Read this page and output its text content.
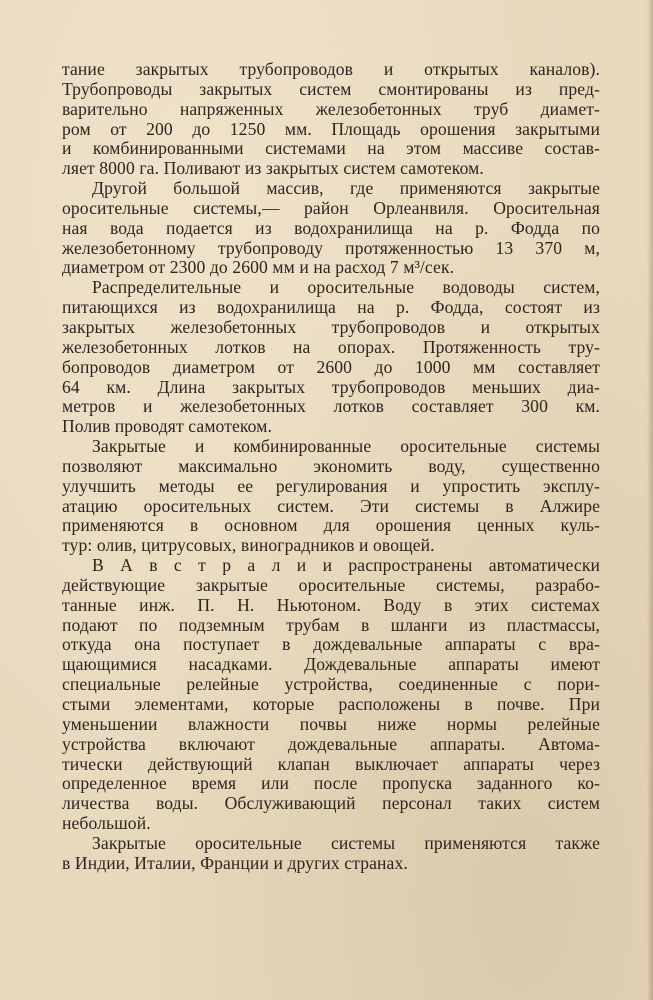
тание закрытых трубопроводов и открытых каналов).
Трубопроводы закрытых систем смонтированы из пред-
варительно напряженных железобетонных труб диамет-
ром от 200 до 1250 мм. Площадь орошения закрытыми
и комбинированными системами на этом массиве состав-
ляет 8000 га. Поливают из закрытых систем самотеком.
Другой большой массив, где применяются закрытые
оросительные системы,— район Орлеанвиля. Оросительная
ная вода подается из водохранилища на р. Фодда по
железобетонному трубопроводу протяженностью 13 370 м,
диаметром от 2300 до 2600 мм и на расход 7 м³/сек.
Распределительные и оросительные водоводы систем,
питающихся из водохранилища на р. Фодда, состоят из
закрытых железобетонных трубопроводов и открытых
железобетонных лотков на опорах. Протяженность тру-
бопроводов диаметром от 2600 до 1000 мм составляет
64 км. Длина закрытых трубопроводов меньших диа-
метров и железобетонных лотков составляет 300 км.
Полив проводят самотеком.
Закрытые и комбинированные оросительные системы
позволяют максимально экономить воду, существенно
улучшить методы ее регулирования и упростить эксплу-
атацию оросительных систем. Эти системы в Алжире
применяются в основном для орошения ценных куль-
тур: олив, цитрусовых, виноградников и овощей.
В А в с т р а л и и распространены автоматически
действующие закрытые оросительные системы, разрабо-
танные инж. П. Н. Ньютоном. Воду в этих системах
подают по подземным трубам в шланги из пластмассы,
откуда она поступает в дождевальные аппараты с вра-
щающимися насадками. Дождевальные аппараты имеют
специальные релейные устройства, соединенные с пори-
стыми элементами, которые расположены в почве. При
уменьшении влажности почвы ниже нормы релейные
устройства включают дождевальные аппараты. Автома-
тически действующий клапан выключает аппараты через
определенное время или после пропуска заданного ко-
личества воды. Обслуживающий персонал таких систем
небольшой.
Закрытые оросительные системы применяются также
в Индии, Италии, Франции и других странах.
